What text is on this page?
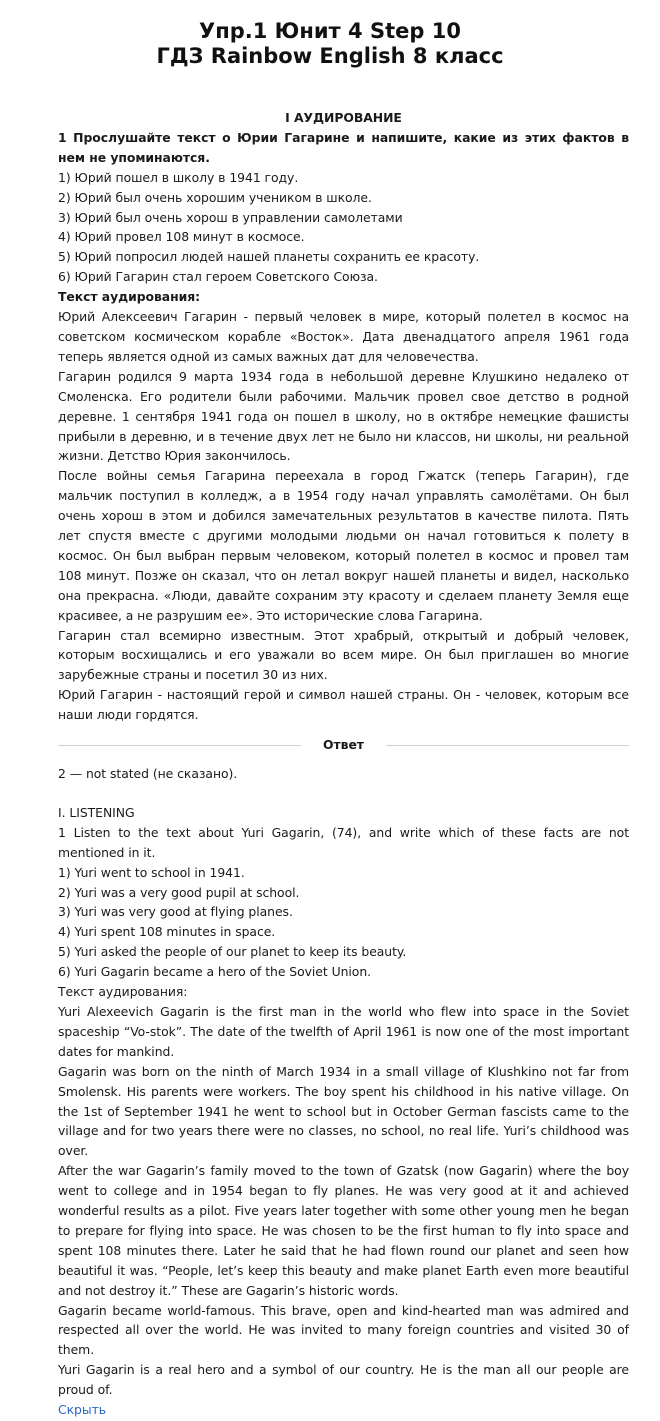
Упр.1 Юнит 4 Step 10
ГДЗ Rainbow English 8 класс
I АУДИРОВАНИЕ

1 Прослушайте текст о Юрии Гагарине и напишите, какие из этих фактов в нем не упоминаются.

1) Юрий пошел в школу в 1941 году.

2) Юрий был очень хорошим учеником в школе.

3) Юрий был очень хорош в управлении самолетами

4) Юрий провел 108 минут в космосе.

5) Юрий попросил людей нашей планеты сохранить ее красоту.

6) Юрий Гагарин стал героем Советского Союза.

Текст аудирования:

Юрий Алексеевич Гагарин - первый человек в мире, который полетел в космос на советском космическом корабле «Восток». Дата двенадцатого апреля 1961 года теперь является одной из самых важных дат для человечества.

Гагарин родился 9 марта 1934 года в небольшой деревне Клушкино недалеко от Смоленска. Его родители были рабочими. Мальчик провел свое детство в родной деревне. 1 сентября 1941 года он пошел в школу, но в октябре немецкие фашисты прибыли в деревню, и в течение двух лет не было ни классов, ни школы, ни реальной жизни. Детство Юрия закончилось.

После войны семья Гагарина переехала в город Гжатск (теперь Гагарин), где мальчик поступил в колледж, а в 1954 году начал управлять самолётами. Он был очень хорош в этом и добился замечательных результатов в качестве пилота. Пять лет спустя вместе с другими молодыми людьми он начал готовиться к полету в космос. Он был выбран первым человеком, который полетел в космос и провел там 108 минут. Позже он сказал, что он летал вокруг нашей планеты и видел, насколько она прекрасна. «Люди, давайте сохраним эту красоту и сделаем планету Земля еще красивее, а не разрушим ее». Это исторические слова Гагарина.

Гагарин стал всемирно известным. Этот храбрый, открытый и добрый человек, которым восхищались и его уважали во всем мире. Он был приглашен во многие зарубежные страны и посетил 30 из них.

Юрий Гагарин - настоящий герой и символ нашей страны. Он - человек, которым все наши люди гордятся.

Ответ

2 — not stated (не сказано).

I. LISTENING

1 Listen to the text about Yuri Gagarin, (74), and write which of these facts are not mentioned in it.

1) Yuri went to school in 1941.

2) Yuri was a very good pupil at school.

3) Yuri was very good at flying planes.

4) Yuri spent 108 minutes in space.

5) Yuri asked the people of our planet to keep its beauty.

6) Yuri Gagarin became a hero of the Soviet Union.

Текст аудирования:

Yuri Alexeevich Gagarin is the first man in the world who flew into space in the Soviet spaceship “Vo-stok”. The date of the twelfth of April 1961 is now one of the most important dates for mankind.

Gagarin was born on the ninth of March 1934 in a small village of Klushkino not far from Smolensk. His parents were workers. The boy spent his childhood in his native village. On the 1st of September 1941 he went to school but in October German fascists came to the village and for two years there were no classes, no school, no real life. Yuri’s childhood was over.

After the war Gagarin’s family moved to the town of Gzatsk (now Gagarin) where the boy went to college and in 1954 began to fly planes. He was very good at it and achieved wonderful results as a pilot. Five years later together with some other young men he began to prepare for flying into space. He was chosen to be the first human to fly into space and spent 108 minutes there. Later he said that he had flown round our planet and seen how beautiful it was. “People, let’s keep this beauty and make planet Earth even more beautiful and not destroy it.” These are Gagarin’s historic words.

Gagarin became world-famous. This brave, open and kind-hearted man was admired and respected all over the world. He was invited to many foreign countries and visited 30 of them.

Yuri Gagarin is a real hero and a symbol of our country. He is the man all our people are proud of.

Скрыть
